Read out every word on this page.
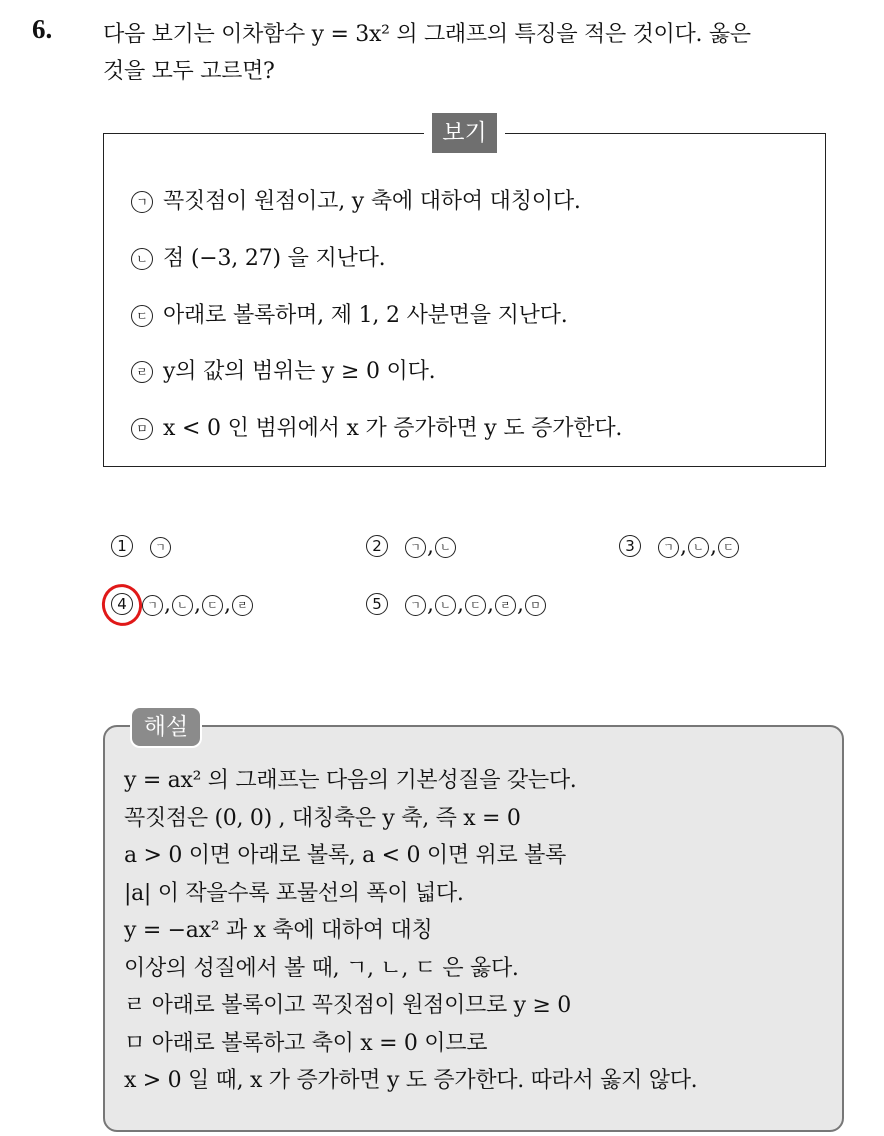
6. 다음 보기는 이차함수 y = 3x² 의 그래프의 특징을 적은 것이다. 옳은
것을 모두 고르면?
보기
ㄱ 꼭짓점이 원점이고, y 축에 대하여 대칭이다.
ㄴ 점 (−3, 27) 을 지난다.
ㄷ 아래로 볼록하며, 제 1, 2 사분면을 지난다.
ㄹ y의 값의 범위는 y ≥ 0 이다.
ㅁ x < 0 인 범위에서 x 가 증가하면 y 도 증가한다.
1	ㄱ	2	ㄱ , ㄴ	3	ㄱ , ㄴ , ㄷ
4 ㄱ , ㄴ , ㄷ , ㄹ	5	ㄱ , ㄴ , ㄷ , ㄹ , ㅁ
해설
y = ax² 의 그래프는 다음의 기본성질을 갖는다.
꼭짓점은 (0, 0) , 대칭축은 y 축, 즉 x = 0
a > 0 이면 아래로 볼록, a < 0 이면 위로 볼록
|a| 이 작을수록 포물선의 폭이 넓다.
y = −ax² 과 x 축에 대하여 대칭
이상의 성질에서 볼 때, ㄱ, ㄴ, ㄷ 은 옳다.
ㄹ 아래로 볼록이고 꼭짓점이 원점이므로 y ≥ 0
ㅁ 아래로 볼록하고 축이 x = 0 이므로
x > 0 일 때, x 가 증가하면 y 도 증가한다. 따라서 옳지 않다.
